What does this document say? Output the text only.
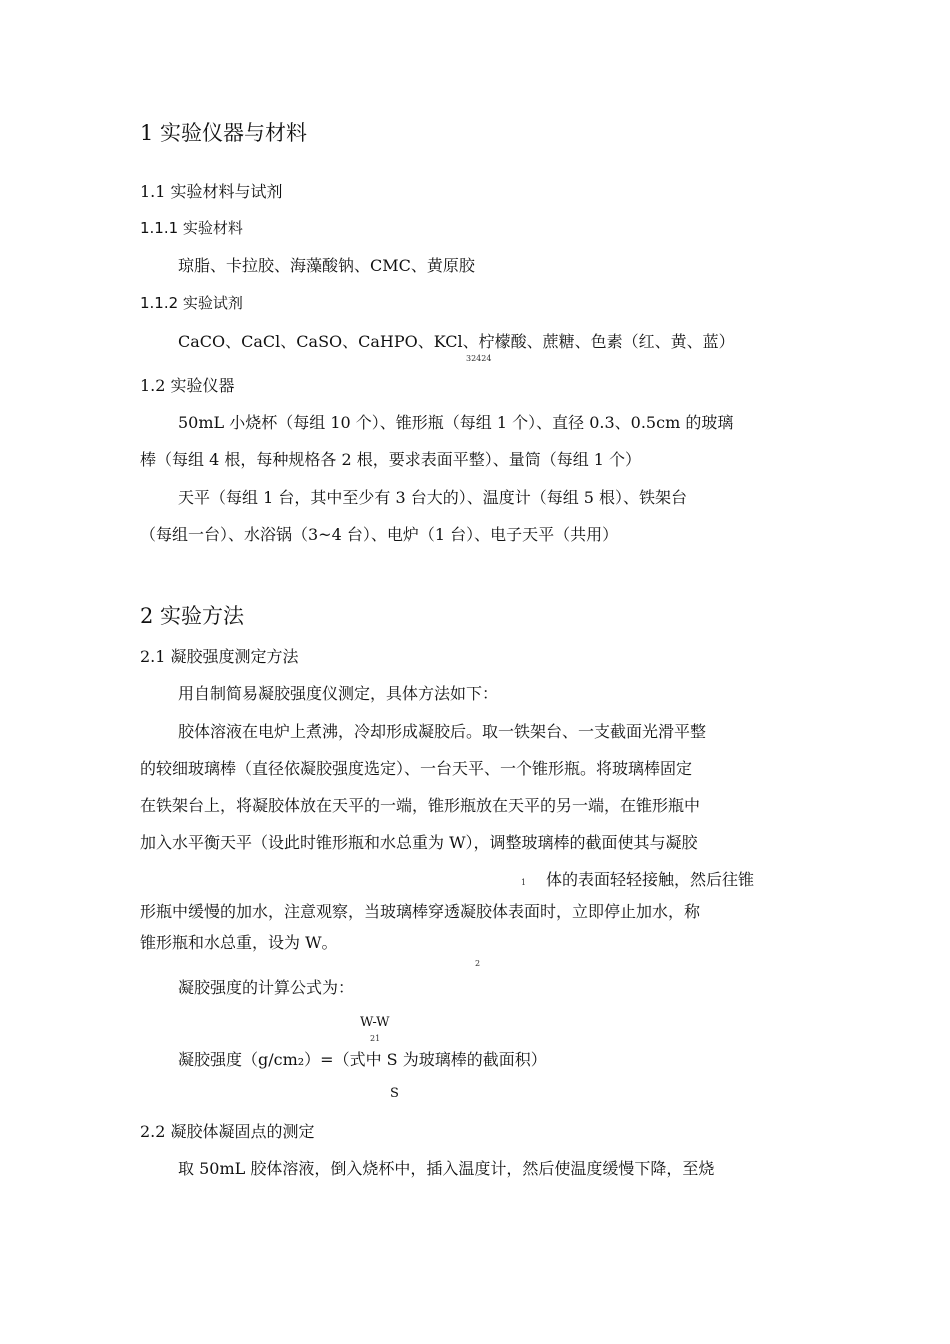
1 实验仪器与材料
1.1 实验材料与试剂
1.1.1 实验材料
琼脂、卡拉胶、海藻酸钠、CMC、黄原胶
1.1.2 实验试剂
CaCO、CaCl、CaSO、CaHPO、KCl、柠檬酸、蔗糖、色素（红、黄、蓝）
32424
1.2 实验仪器
50mL 小烧杯（每组 10 个）、锥形瓶（每组 1 个）、直径 0.3、0.5cm 的玻璃
棒（每组 4 根，每种规格各 2 根，要求表面平整）、量筒（每组 1 个）
天平（每组 1 台，其中至少有 3 台大的）、温度计（每组 5 根）、铁架台
（每组一台）、水浴锅（3~4 台）、电炉（1 台）、电子天平（共用）
2 实验方法
2.1 凝胶强度测定方法
用自制简易凝胶强度仪测定，具体方法如下：
胶体溶液在电炉上煮沸，冷却形成凝胶后。取一铁架台、一支截面光滑平整
的较细玻璃棒（直径依凝胶强度选定）、一台天平、一个锥形瓶。将玻璃棒固定
在铁架台上，将凝胶体放在天平的一端，锥形瓶放在天平的另一端，在锥形瓶中
加入水平衡天平（设此时锥形瓶和水总重为 W），调整玻璃棒的截面使其与凝胶
1 体的表面轻轻接触，然后往锥
形瓶中缓慢的加水，注意观察，当玻璃棒穿透凝胶体表面时，立即停止加水，称
锥形瓶和水总重，设为 W。
2
凝胶强度的计算公式为：
W-W
21
凝胶强度（g/cm₂）=（式中 S 为玻璃棒的截面积）
S
2.2 凝胶体凝固点的测定
取 50mL 胶体溶液，倒入烧杯中，插入温度计，然后使温度缓慢下降，至烧
